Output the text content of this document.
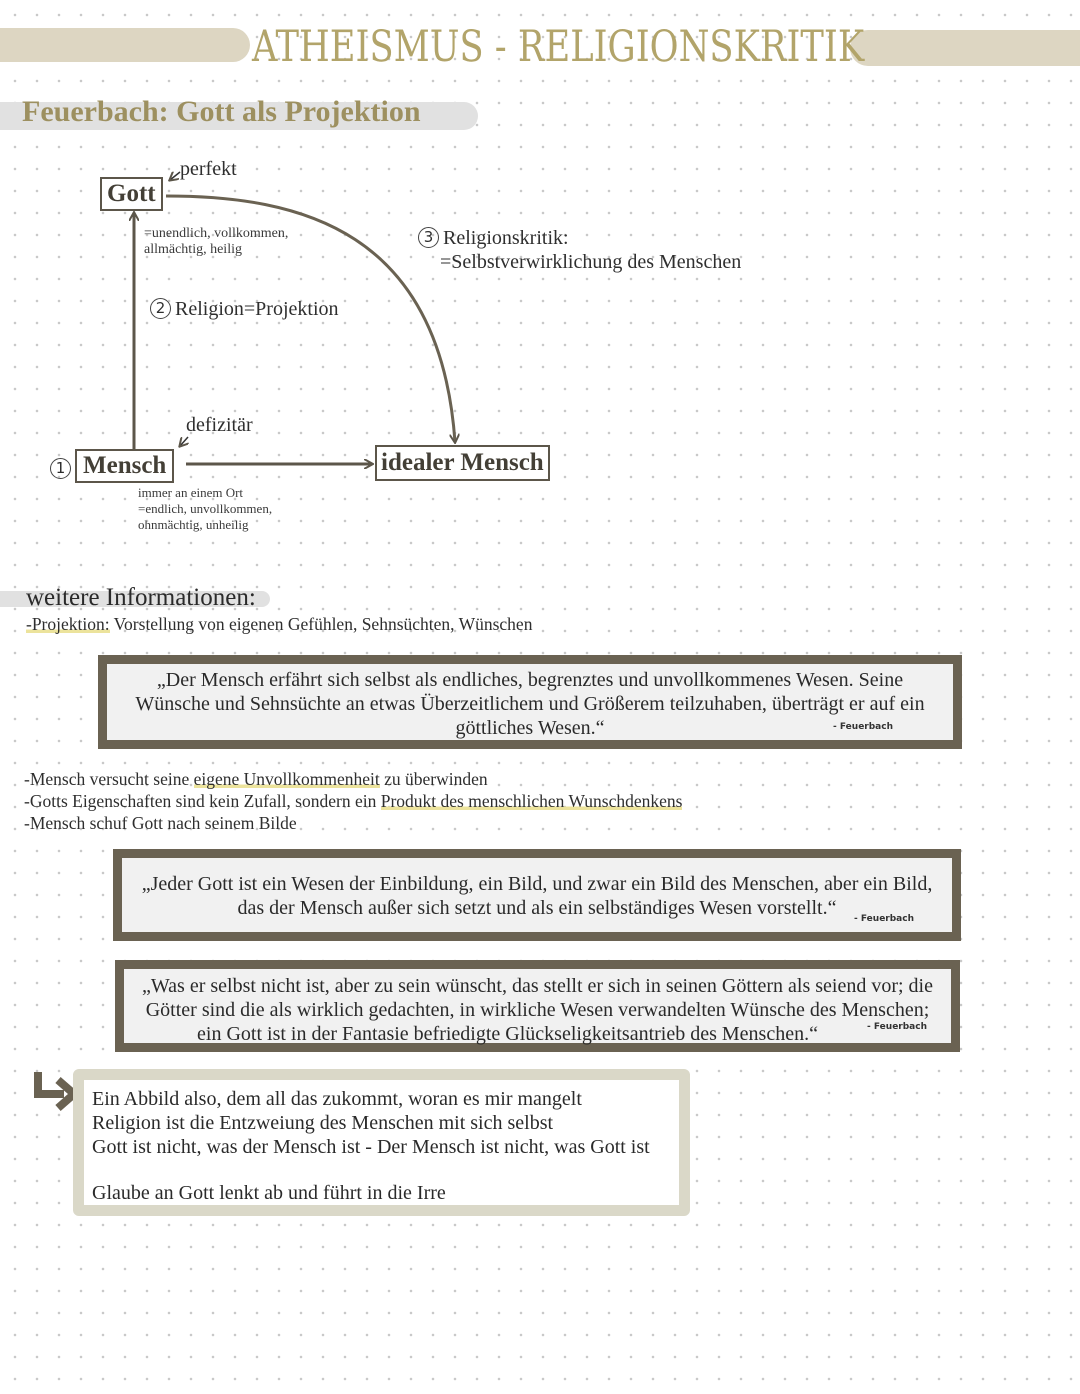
ATHEISMUS - RELIGIONSKRITIK
Feuerbach: Gott als Projektion
Gott
perfekt
=unendlich, vollkommen,
allmächtig, heilig
2 Religion=Projektion
3 Religionskritik:
=Selbstverwirklichung des Menschen
1 Mensch
defizitär
immer an einem Ort
=endlich, unvollkommen,
ohnmächtig, unheilig
idealer Mensch
weitere Informationen:
-Projektion: Vorstellung von eigenen Gefühlen, Sehnsüchten, Wünschen
„Der Mensch erfährt sich selbst als endliches, begrenztes und unvollkommenes Wesen. Seine
Wünsche und Sehnsüchte an etwas Überzeitlichem und Größerem teilzuhaben, überträgt er auf ein
göttliches Wesen.“	- Feuerbach
-Mensch versucht seine eigene Unvollkommenheit zu überwinden
-Gotts Eigenschaften sind kein Zufall, sondern ein Produkt des menschlichen Wunschdenkens
-Mensch schuf Gott nach seinem Bilde
„Jeder Gott ist ein Wesen der Einbildung, ein Bild, und zwar ein Bild des Menschen, aber ein Bild,
das der Mensch außer sich setzt und als ein selbständiges Wesen vorstellt.“	- Feuerbach
„Was er selbst nicht ist, aber zu sein wünscht, das stellt er sich in seinen Göttern als seiend vor; die
Götter sind die als wirklich gedachten, in wirkliche Wesen verwandelten Wünsche des Menschen;
ein Gott ist in der Fantasie befriedigte Glückseligkeitsantrieb des Menschen.“	- Feuerbach
Ein Abbild also, dem all das zukommt, woran es mir mangelt
Religion ist die Entzweiung des Menschen mit sich selbst
Gott ist nicht, was der Mensch ist - Der Mensch ist nicht, was Gott ist
Glaube an Gott lenkt ab und führt in die Irre
